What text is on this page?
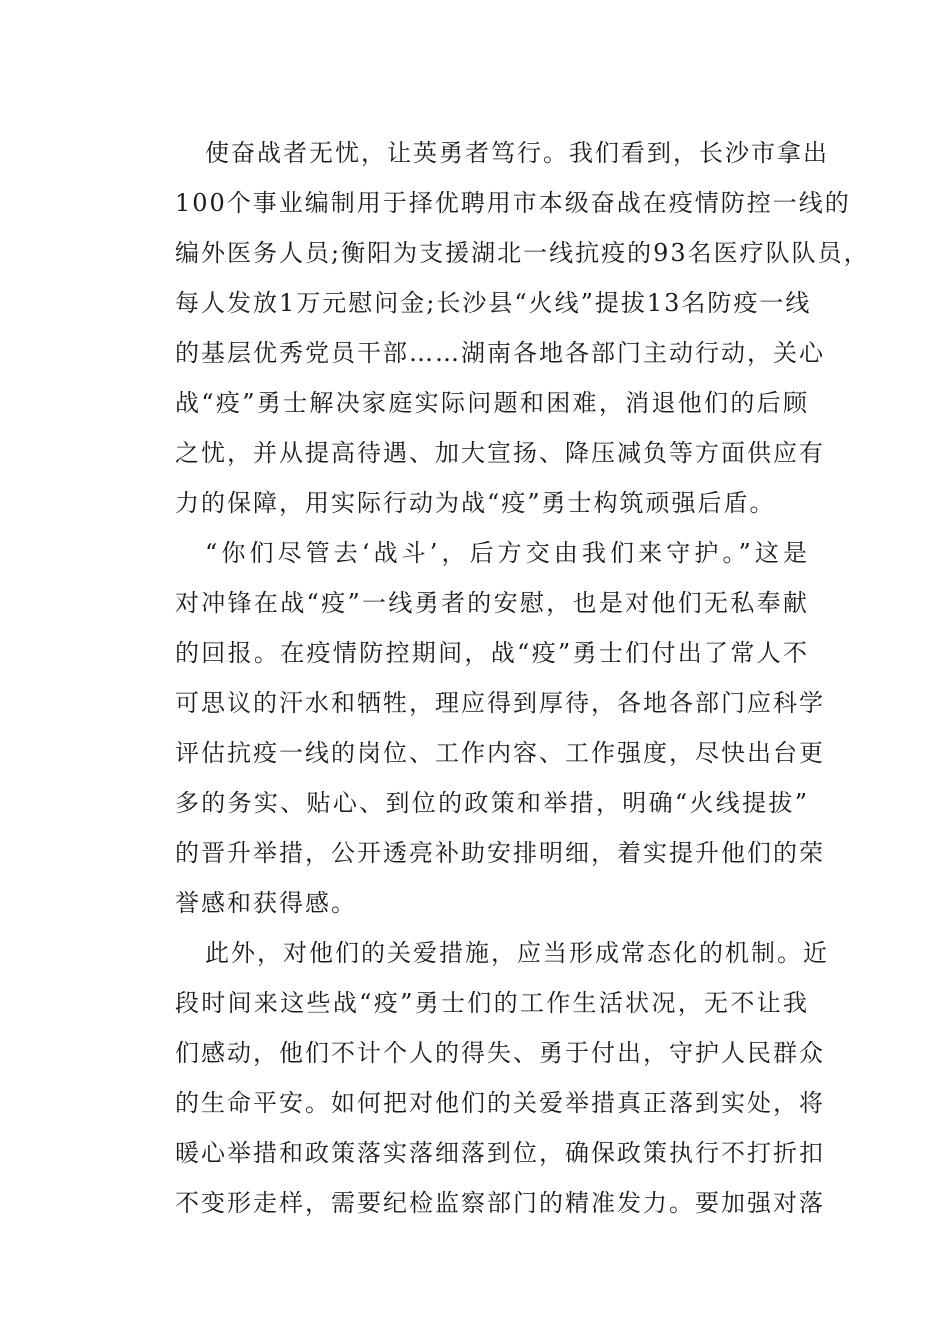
使奋战者无忧，让英勇者笃行。我们看到，长沙市拿出
100个事业编制用于择优聘用市本级奋战在疫情防控一线的
编外医务人员;衡阳为支援湖北一线抗疫的93名医疗队队员，
每人发放1万元慰问金;长沙县“火线”提拔13名防疫一线
的基层优秀党员干部……湖南各地各部门主动行动，关心
战“疫”勇士解决家庭实际问题和困难，消退他们的后顾
之忧，并从提高待遇、加大宣扬、降压减负等方面供应有
力的保障，用实际行动为战“疫”勇士构筑顽强后盾。
“你们尽管去‘战斗’，后方交由我们来守护。”这是
对冲锋在战“疫”一线勇者的安慰，也是对他们无私奉献
的回报。在疫情防控期间，战“疫”勇士们付出了常人不
可思议的汗水和牺牲，理应得到厚待，各地各部门应科学
评估抗疫一线的岗位、工作内容、工作强度，尽快出台更
多的务实、贴心、到位的政策和举措，明确“火线提拔”
的晋升举措，公开透亮补助安排明细，着实提升他们的荣
誉感和获得感。
此外，对他们的关爱措施，应当形成常态化的机制。近
段时间来这些战“疫”勇士们的工作生活状况，无不让我
们感动，他们不计个人的得失、勇于付出，守护人民群众
的生命平安。如何把对他们的关爱举措真正落到实处，将
暖心举措和政策落实落细落到位，确保政策执行不打折扣
不变形走样，需要纪检监察部门的精准发力。要加强对落
